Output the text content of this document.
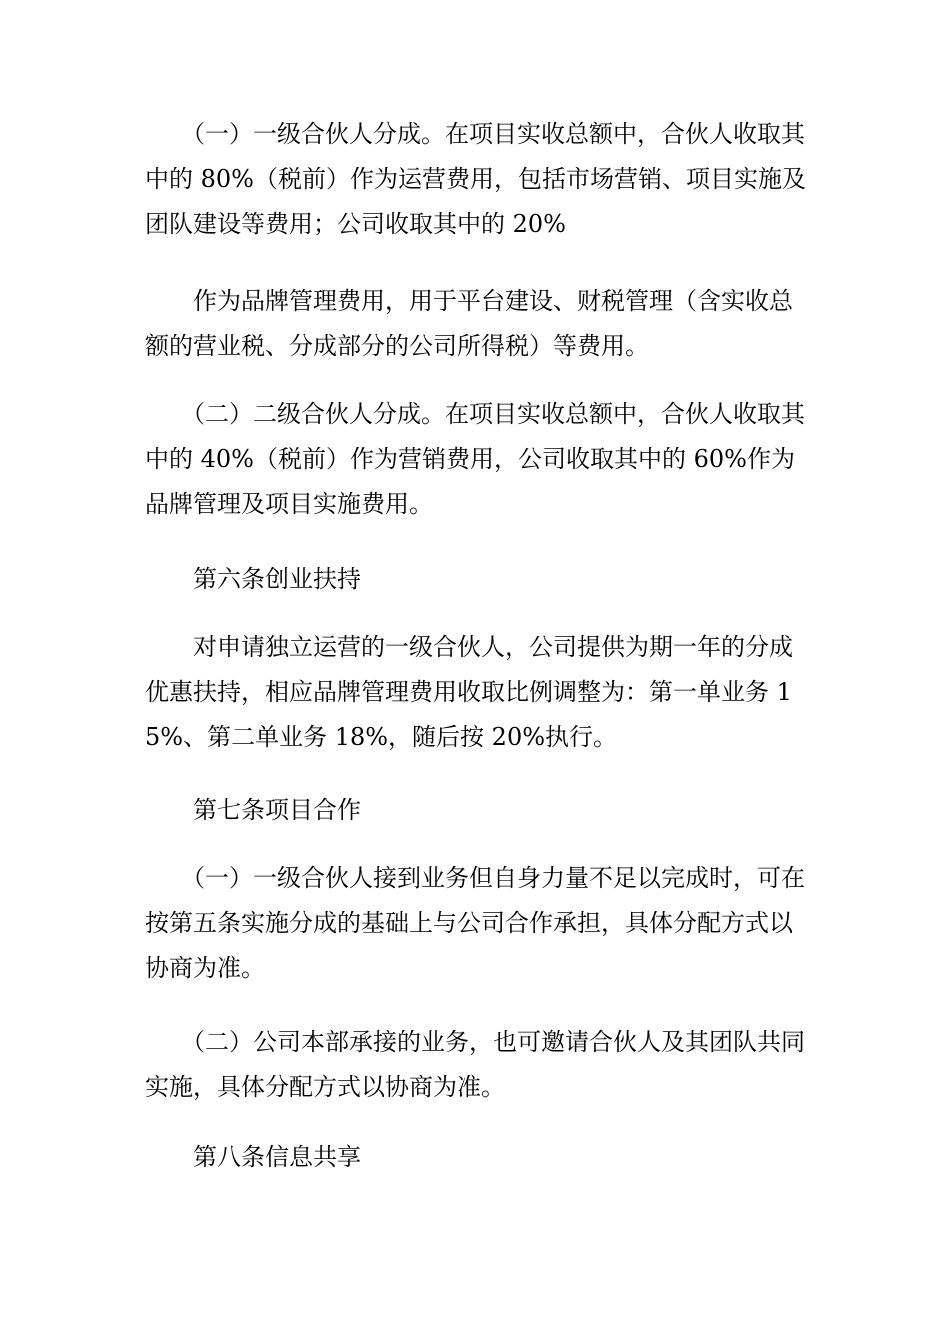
　　（一）一级合伙人分成。在项目实收总额中，合伙人收取其中的 80%（税前）作为运营费用，包括市场营销、项目实施及团队建设等费用；公司收取其中的 20%

　　作为品牌管理费用，用于平台建设、财税管理（含实收总额的营业税、分成部分的公司所得税）等费用。

　　（二）二级合伙人分成。在项目实收总额中，合伙人收取其中的 40%（税前）作为营销费用，公司收取其中的 60%作为品牌管理及项目实施费用。

　　第六条创业扶持

　　对申请独立运营的一级合伙人，公司提供为期一年的分成优惠扶持，相应品牌管理费用收取比例调整为：第一单业务 15%、第二单业务 18%，随后按 20%执行。

　　第七条项目合作

　　（一）一级合伙人接到业务但自身力量不足以完成时，可在按第五条实施分成的基础上与公司合作承担，具体分配方式以协商为准。

　　（二）公司本部承接的业务，也可邀请合伙人及其团队共同实施，具体分配方式以协商为准。

　　第八条信息共享
